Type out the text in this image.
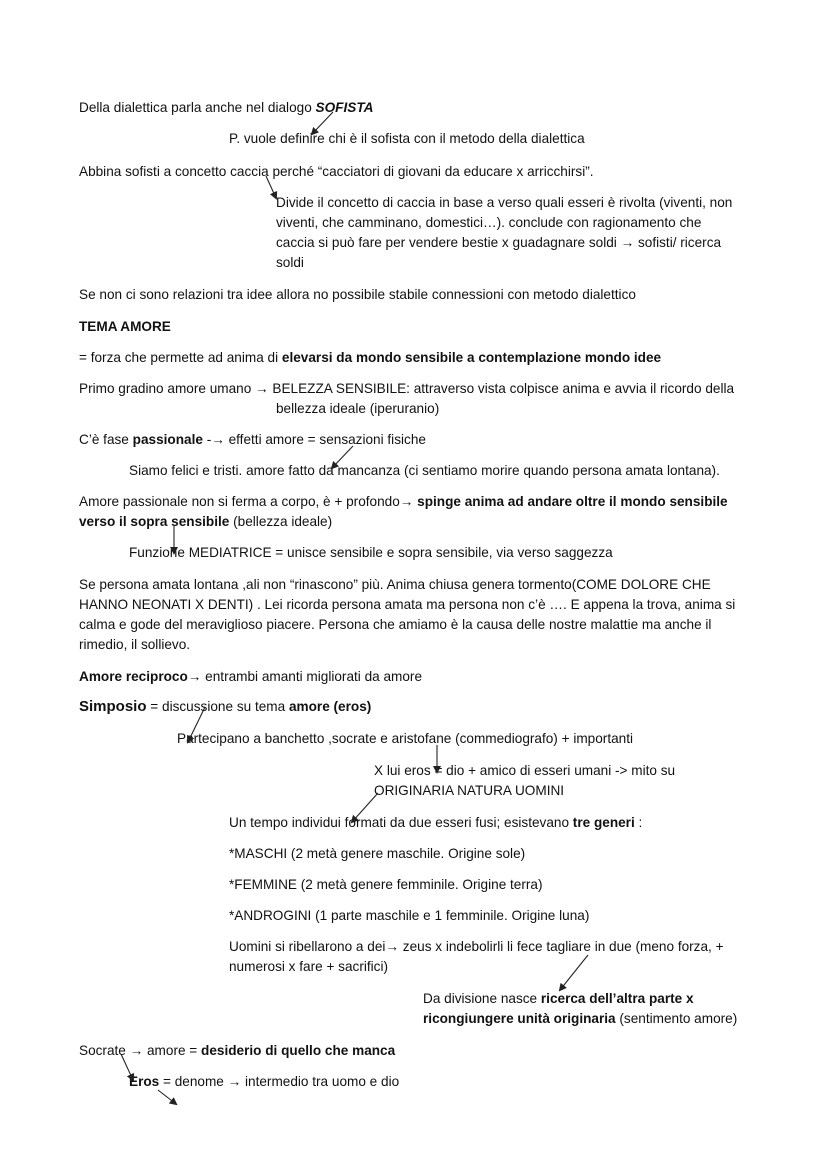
Della dialettica parla anche nel dialogo SOFISTA
P. vuole definire chi è il sofista con il metodo della dialettica
Abbina sofisti a concetto caccia perché “cacciatori di giovani da educare x arricchirsi”.
Divide il concetto di caccia in base a verso quali esseri è rivolta (viventi, non
viventi, che camminano, domestici…). conclude con ragionamento che
caccia si può fare per vendere bestie x guadagnare soldi → sofisti/ ricerca
soldi
Se non ci sono relazioni tra idee allora no possibile stabile connessioni con metodo dialettico
TEMA AMORE
= forza che permette ad anima di elevarsi da mondo sensibile a contemplazione mondo idee
Primo gradino amore umano → BELEZZA SENSIBILE: attraverso vista colpisce anima e avvia il ricordo della
bellezza ideale (iperuranio)
C’è fase passionale -→ effetti amore = sensazioni fisiche
Siamo felici e tristi. amore fatto da mancanza (ci sentiamo morire quando persona amata lontana).
Amore passionale non si ferma a corpo, è + profondo→ spinge anima ad andare oltre il mondo sensibile
verso il sopra sensibile (bellezza ideale)
Funzione MEDIATRICE = unisce sensibile e sopra sensibile, via verso saggezza
Se persona amata lontana ,ali non “rinascono” più. Anima chiusa genera tormento(COME DOLORE CHE
HANNO NEONATI X DENTI) . Lei ricorda persona amata ma persona non c’è …. E appena la trova, anima si
calma e gode del meraviglioso piacere. Persona che amiamo è la causa delle nostre malattie ma anche il
rimedio, il sollievo.
Amore reciproco→ entrambi amanti migliorati da amore
Simposio = discussione su tema amore (eros)
Partecipano a banchetto ,socrate e aristofane (commediografo) + importanti
X lui eros = dio + amico di esseri umani -> mito su
ORIGINARIA NATURA UOMINI
Un tempo individui formati da due esseri fusi; esistevano tre generi :
*MASCHI (2 metà genere maschile. Origine sole)
*FEMMINE (2 metà genere femminile. Origine terra)
*ANDROGINI (1 parte maschile e 1 femminile. Origine luna)
Uomini si ribellarono a dei→ zeus x indebolirli li fece tagliare in due (meno forza, +
numerosi x fare + sacrifici)
Da divisione nasce ricerca dell’altra parte x
ricongiungere unità originaria (sentimento amore)
Socrate → amore = desiderio di quello che manca
Eros = denome → intermedio tra uomo e dio
